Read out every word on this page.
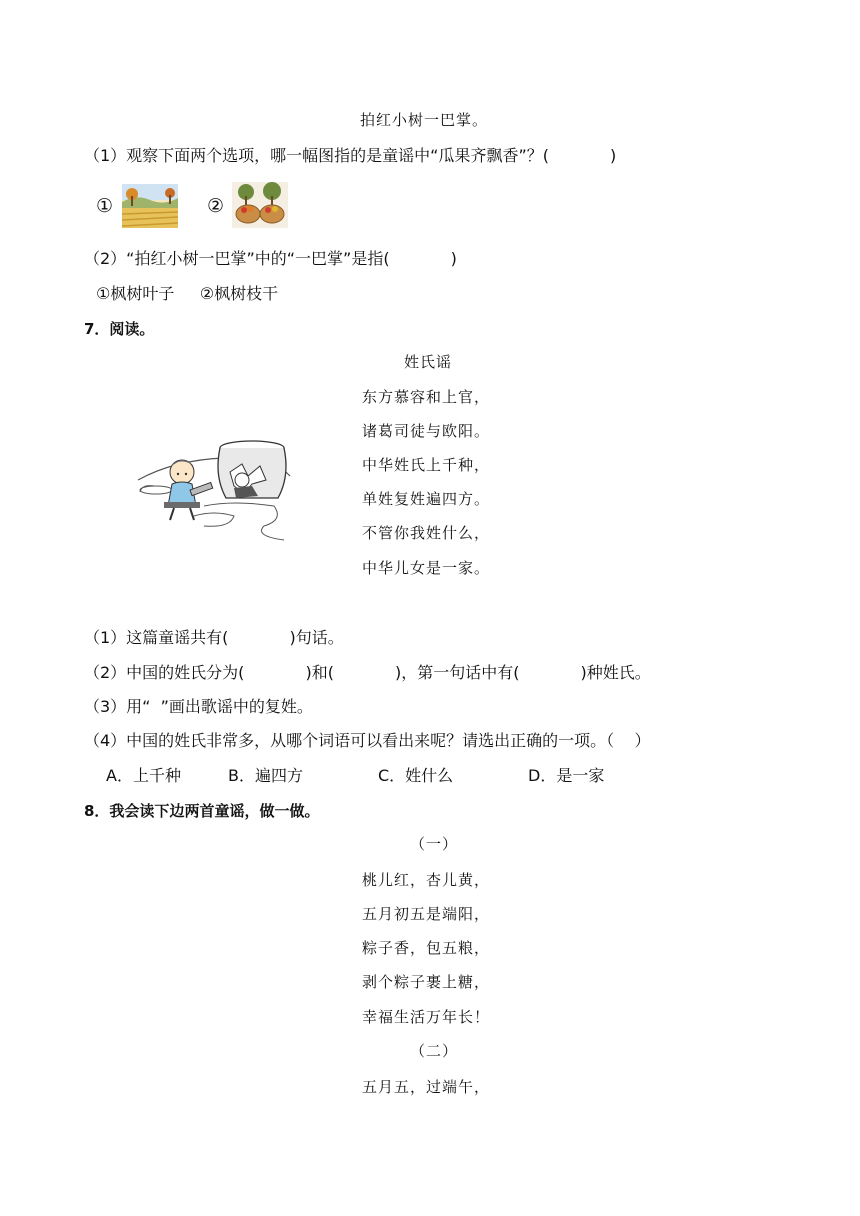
拍红小树一巴掌。
（1）观察下面两个选项，哪一幅图指的是童谣中“瓜果齐飘香”？(            )
①	②
（2）“拍红小树一巴掌”中的“一巴掌”是指(            )
①枫树叶子     ②枫树枝干
7．阅读。
姓氏谣
东方慕容和上官，
诸葛司徒与欧阳。
中华姓氏上千种，
单姓复姓遍四方。
不管你我姓什么，
中华儿女是一家。
（1）这篇童谣共有(            )句话。
（2）中国的姓氏分为(            )和(            )，第一句话中有(            )种姓氏。
（3）用“  ”画出歌谣中的复姓。
（4）中国的姓氏非常多，从哪个词语可以看出来呢？请选出正确的一项。（    ）
A．上千种	B．遍四方	C．姓什么	D．是一家
8．我会读下边两首童谣，做一做。
（一）
桃儿红，杏儿黄，
五月初五是端阳，
粽子香，包五粮，
剥个粽子裹上糖，
幸福生活万年长！
（二）
五月五，过端午，
